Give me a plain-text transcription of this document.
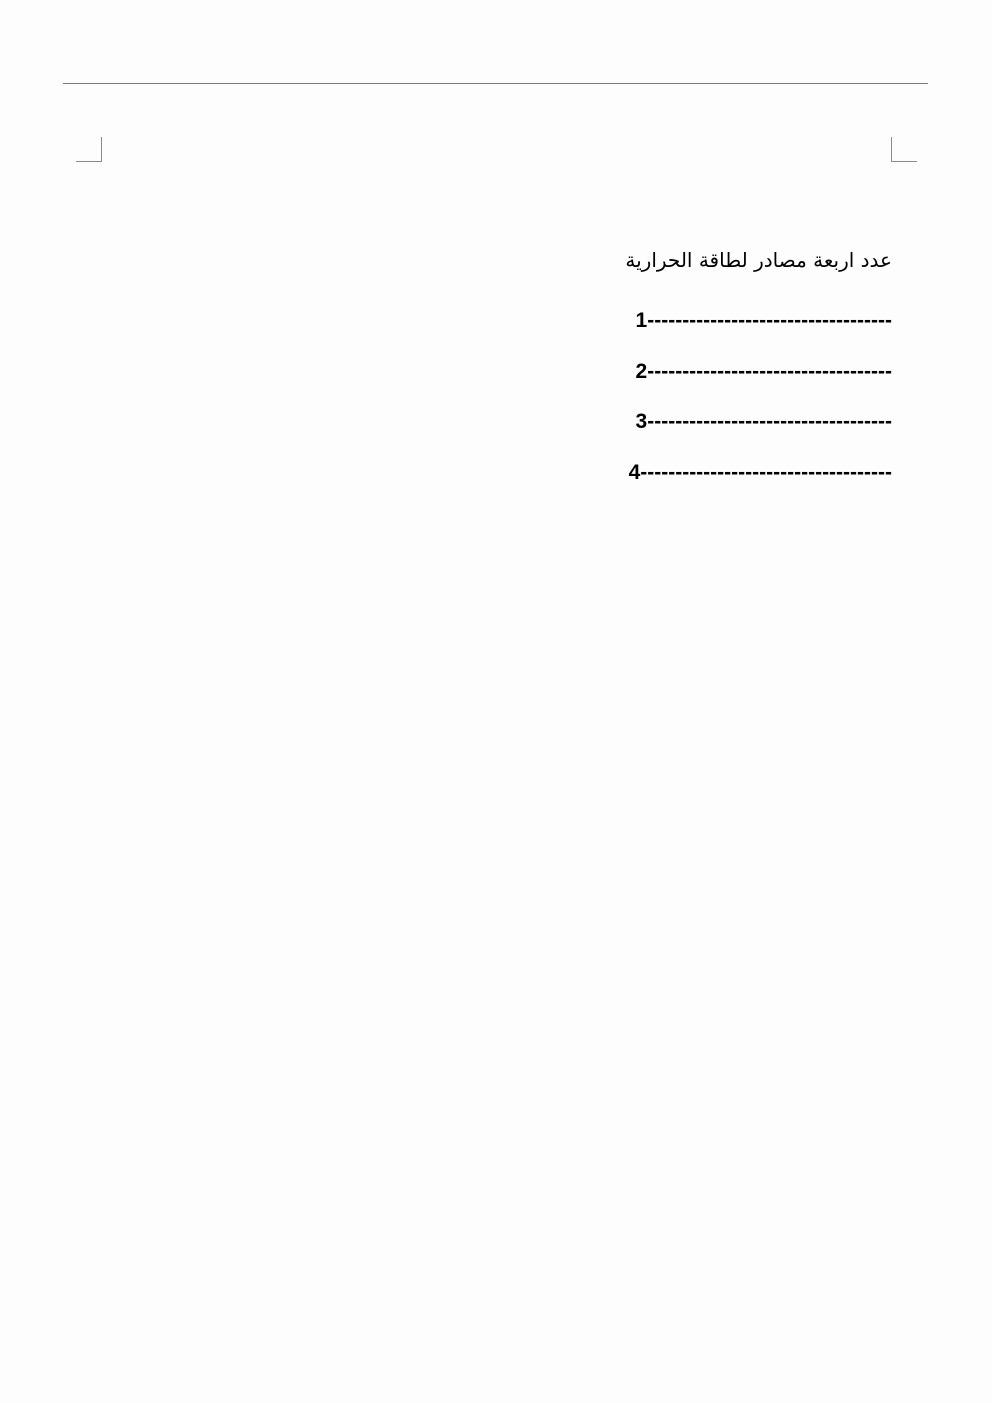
عدد اربعة مصادر لطاقة الحرارية
1-----------------------------------
2-----------------------------------
3-----------------------------------
4------------------------------------
